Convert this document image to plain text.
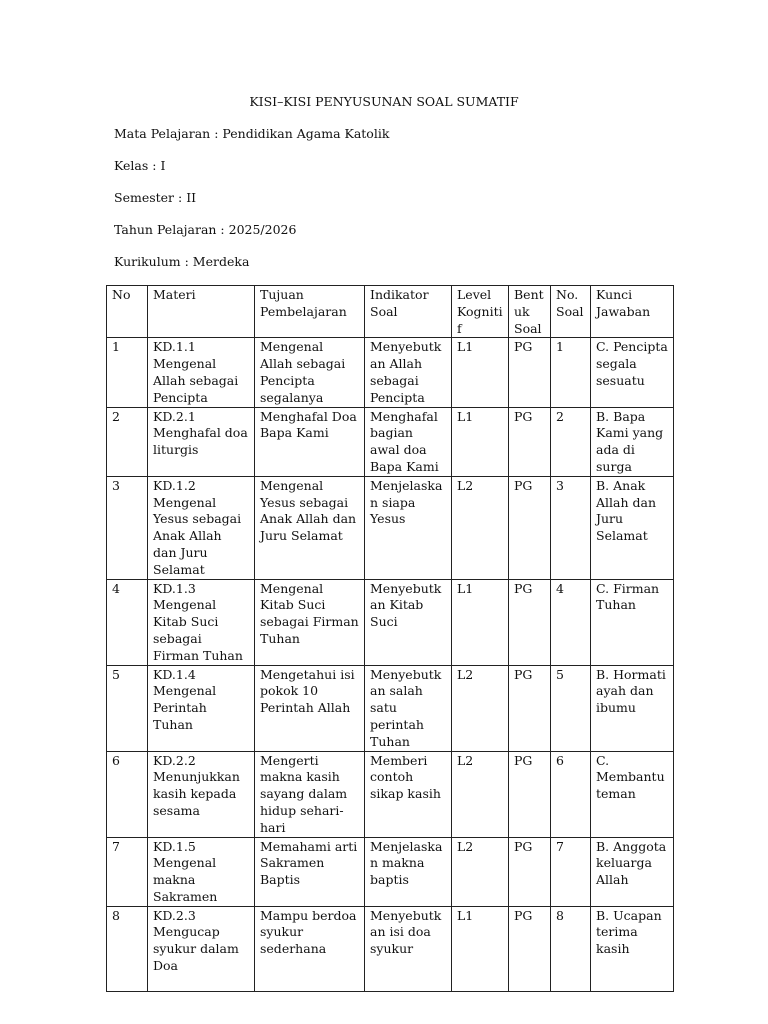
KISI–KISI PENYUSUNAN SOAL SUMATIF
Mata Pelajaran : Pendidikan Agama Katolik
Kelas : I
Semester : II
Tahun Pelajaran : 2025/2026
Kurikulum : Merdeka
No	Materi	Tujuan Pembelajaran	Indikator Soal	Level Kognitif	Bentuk Soal	No. Soal	Kunci Jawaban
1	KD.1.1 Mengenal Allah sebagai Pencipta	Mengenal Allah sebagai Pencipta segalanya	Menyebutkan Allah sebagai Pencipta	L1	PG	1	C. Pencipta segala sesuatu
2	KD.2.1 Menghafal doa liturgis	Menghafal Doa Bapa Kami	Menghafal bagian awal doa Bapa Kami	L1	PG	2	B. Bapa Kami yang ada di surga
3	KD.1.2 Mengenal Yesus sebagai Anak Allah dan Juru Selamat	Mengenal Yesus sebagai Anak Allah dan Juru Selamat	Menjelaskan siapa Yesus	L2	PG	3	B. Anak Allah dan Juru Selamat
4	KD.1.3 Mengenal Kitab Suci sebagai Firman Tuhan	Mengenal Kitab Suci sebagai Firman Tuhan	Menyebutkan Kitab Suci	L1	PG	4	C. Firman Tuhan
5	KD.1.4 Mengenal Perintah Tuhan	Mengetahui isi pokok 10 Perintah Allah	Menyebutkan salah satu perintah Tuhan	L2	PG	5	B. Hormati ayah dan ibumu
6	KD.2.2 Menunjukkan kasih kepada sesama	Mengerti makna kasih sayang dalam hidup sehari-hari	Memberi contoh sikap kasih	L2	PG	6	C. Membantu teman
7	KD.1.5 Mengenal makna Sakramen	Memahami arti Sakramen Baptis	Menjelaskan makna baptis	L2	PG	7	B. Anggota keluarga Allah
8	KD.2.3 Mengucap syukur dalam Doa	Mampu berdoa syukur sederhana	Menyebutkan isi doa syukur	L1	PG	8	B. Ucapan terima kasih
